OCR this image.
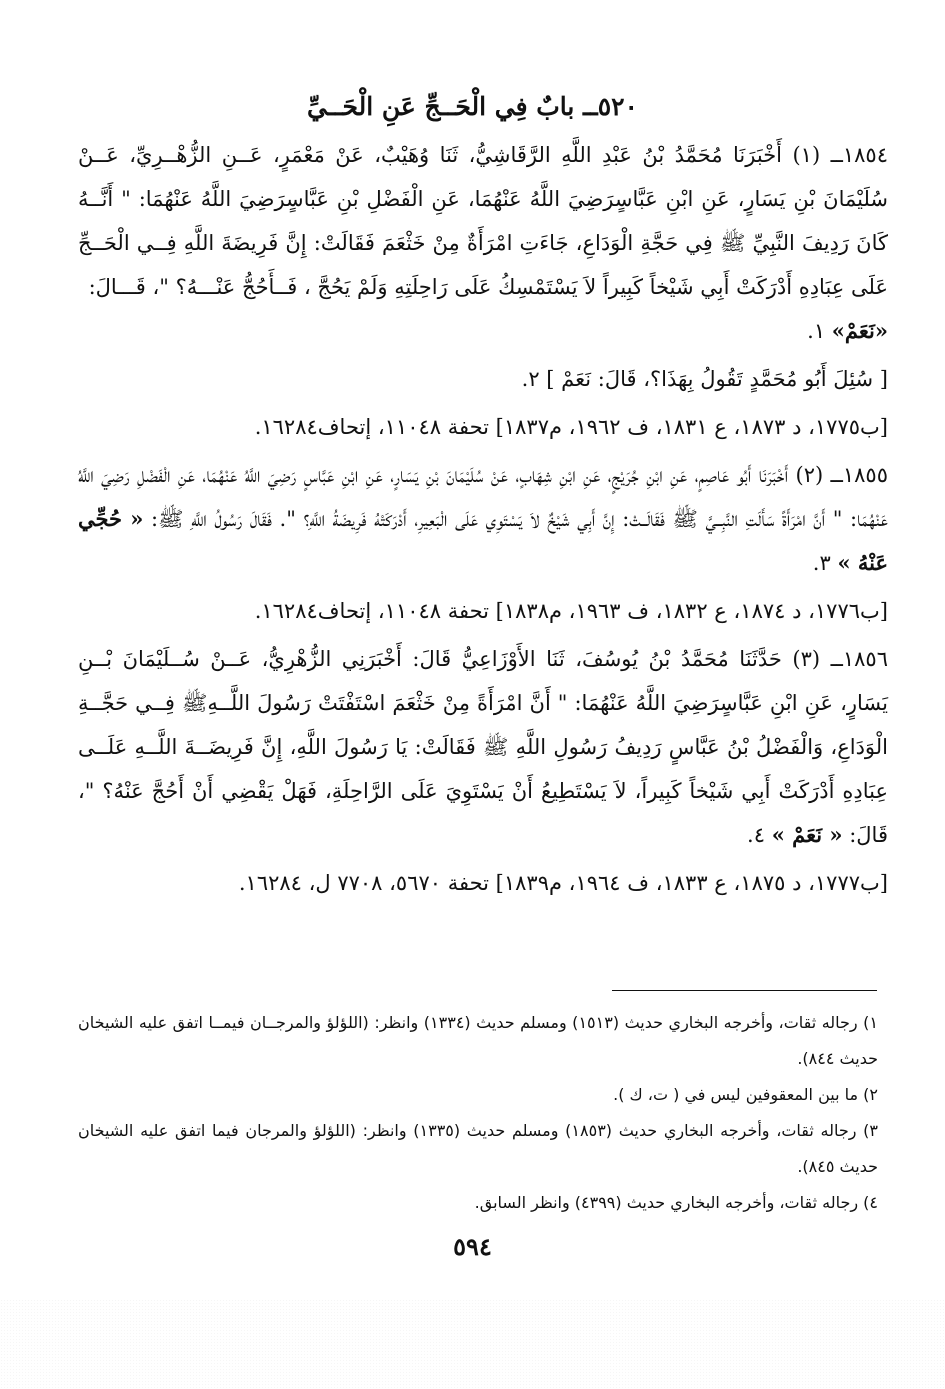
٥٢٠ــ بابٌ فِي الْحَــجِّ عَنِ الْحَــيِّ

١٨٥٤ــ (١) أَخْبَرَنَا مُحَمَّدُ بْنُ عَبْدِ اللَّهِ الرَّقَاشِيُّ، ثَنَا وُهَيْبٌ، عَنْ مَعْمَرٍ، عَــنِ الزُّهْــرِيِّ، عَــنْ سُلَيْمَانَ بْنِ يَسَارٍ، عَنِ ابْنِ عَبَّاسٍرَضِيَ اللَّهُ عَنْهُمَا، عَنِ الْفَضْلِ بْنِ عَبَّاسٍرَضِيَ اللَّهُ عَنْهُمَا: " أَنَّــهُ كَانَ رَدِيفَ النَّبِيِّ ﷺ فِي حَجَّةِ الْوَدَاعِ، جَاءَتِ امْرَأَةٌ مِنْ خَثْعَمَ فَقَالَتْ: إِنَّ فَرِيضَةَ اللَّهِ فِــي الْحَــجِّ عَلَى عِبَادِهِ أَدْرَكَتْ أَبِي شَيْخاً كَبِيراً لاَ يَسْتَمْسِكُ عَلَى رَاحِلَتِهِ وَلَمْ يَحُجَّ ، فَــأَحُجُّ عَنْـــهُ؟ "، قَـــالَ:
«نَعَمْ» ١.

[ سُئِلَ أَبُو مُحَمَّدٍ تَقُولُ بِهَذَا؟، قَالَ: نَعَمْ ] ٢.

[ب١٧٧٥، د ١٨٧٣، ع ١٨٣١، ف ١٩٦٢، م١٨٣٧] تحفة ١١٠٤٨، إتحاف١٦٢٨٤.

١٨٥٥ــ (٢) أَخْبَرَنَا أَبُو عَاصِمٍ، عَنِ ابْنِ جُرَيْجٍ، عَنِ ابْنِ شِهَابٍ، عَنْ سُلَيْمَانَ بْنِ يَسَارٍ، عَنِ ابْنِ عَبَّاسٍ رَضِيَ اللَّهُ عَنْهُمَا، عَنِ الْفَضْلِ رَضِيَ اللَّهُ عَنْهُمَا: " أَنَّ امْرَأَةً سَأَلَتِ النَّبِــيَّ ﷺ فَقَالَــتْ: إِنَّ أَبِي شَيْخٌ لاَ يَسْتَوِي عَلَى الْبَعِيرِ، أَدْرَكَتْهُ فَرِيضَةُ اللَّهِ؟ ". فَقَالَ رَسُولُ اللَّهِ ﷺ: « حُجِّي عَنْهُ » ٣.

[ب١٧٧٦، د ١٨٧٤، ع ١٨٣٢، ف ١٩٦٣، م١٨٣٨] تحفة ١١٠٤٨، إتحاف١٦٢٨٤.

١٨٥٦ــ (٣) حَدَّثَنَا مُحَمَّدُ بْنُ يُوسُفَ، ثَنَا الأَوْزَاعِيُّ قَالَ: أَخْبَرَنِي الزُّهْرِيُّ، عَــنْ سُــلَيْمَانَ بْــنِ يَسَارٍ، عَنِ ابْنِ عَبَّاسٍرَضِيَ اللَّهُ عَنْهُمَا: " أَنَّ امْرَأَةً مِنْ خَثْعَمَ اسْتَفْتَتْ رَسُولَ اللَّــهِﷺ فِــي حَجَّــةِ الْوَدَاعِ، وَالْفَضْلُ بْنُ عَبَّاسٍ رَدِيفُ رَسُولِ اللَّهِ ﷺ فَقَالَتْ: يَا رَسُولَ اللَّهِ، إِنَّ فَرِيضَــةَ اللَّــهِ عَلَــى عِبَادِهِ أَدْرَكَتْ أَبِي شَيْخاً كَبِيراً، لاَ يَسْتَطِيعُ أَنْ يَسْتَوِيَ عَلَى الرَّاحِلَةِ، فَهَلْ يَقْضِي أَنْ أَحُجَّ عَنْهُ؟ "، قَالَ: « نَعَمْ » ٤.

[ب١٧٧٧، د ١٨٧٥، ع ١٨٣٣، ف ١٩٦٤، م١٨٣٩] تحفة ٥٦٧٠، ٧٧٠٨ ل، ١٦٢٨٤.

١) رجاله ثقات، وأخرجه البخاري حديث (١٥١٣) ومسلم حديث (١٣٣٤) وانظر: (اللؤلؤ والمرجــان فيمــا اتفق عليه الشيخان حديث ٨٤٤).

٢) ما بين المعقوفين ليس في ( ت، ك ).

٣) رجاله ثقات، وأخرجه البخاري حديث (١٨٥٣) ومسلم حديث (١٣٣٥) وانظر: (اللؤلؤ والمرجان فيما اتفق عليه الشيخان حديث ٨٤٥).

٤) رجاله ثقات، وأخرجه البخاري حديث (٤٣٩٩) وانظر السابق.

٥٩٤
